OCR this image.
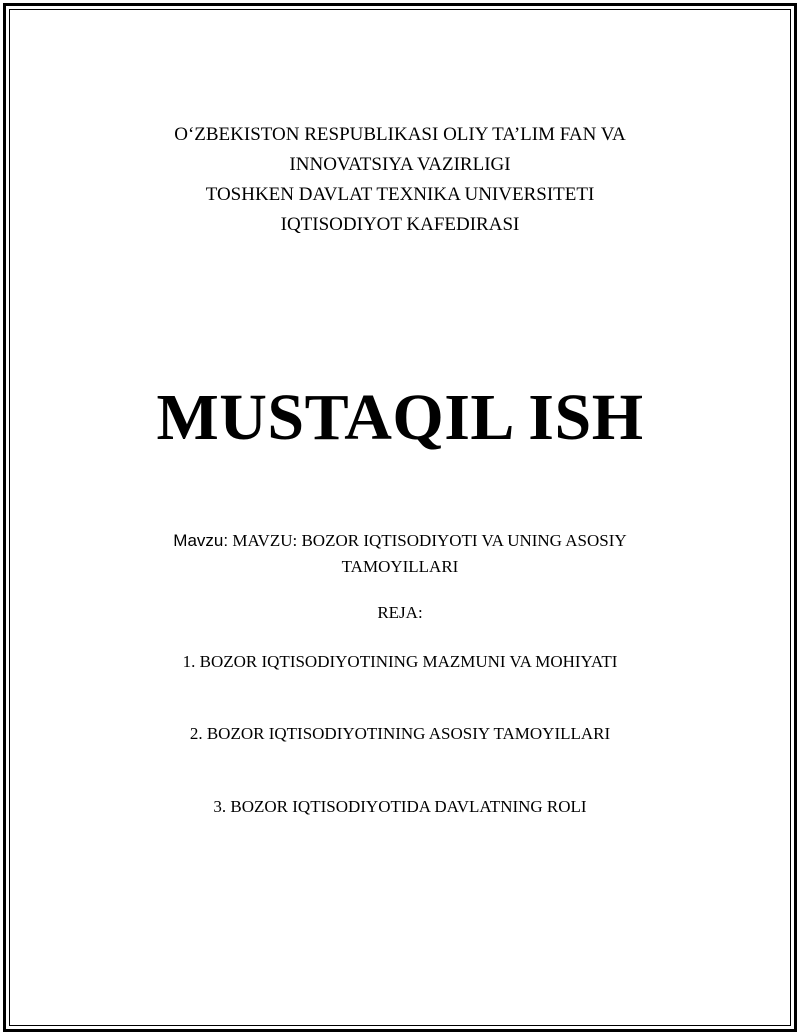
O‘ZBEKISTON RESPUBLIKASI OLIY TA’LIM FAN VA
INNOVATSIYA VAZIRLIGI
TOSHKEN DAVLAT TEXNIKA UNIVERSITETI
IQTISODIYOT KAFEDIRASI
MUSTAQIL ISH
Mavzu: MAVZU: BOZOR IQTISODIYOTI VA UNING ASOSIY
TAMOYILLARI
REJA:
1. BOZOR IQTISODIYOTINING MAZMUNI VA MOHIYATI
2. BOZOR IQTISODIYOTINING ASOSIY TAMOYILLARI
3. BOZOR IQTISODIYOTIDA DAVLATNING ROLI
